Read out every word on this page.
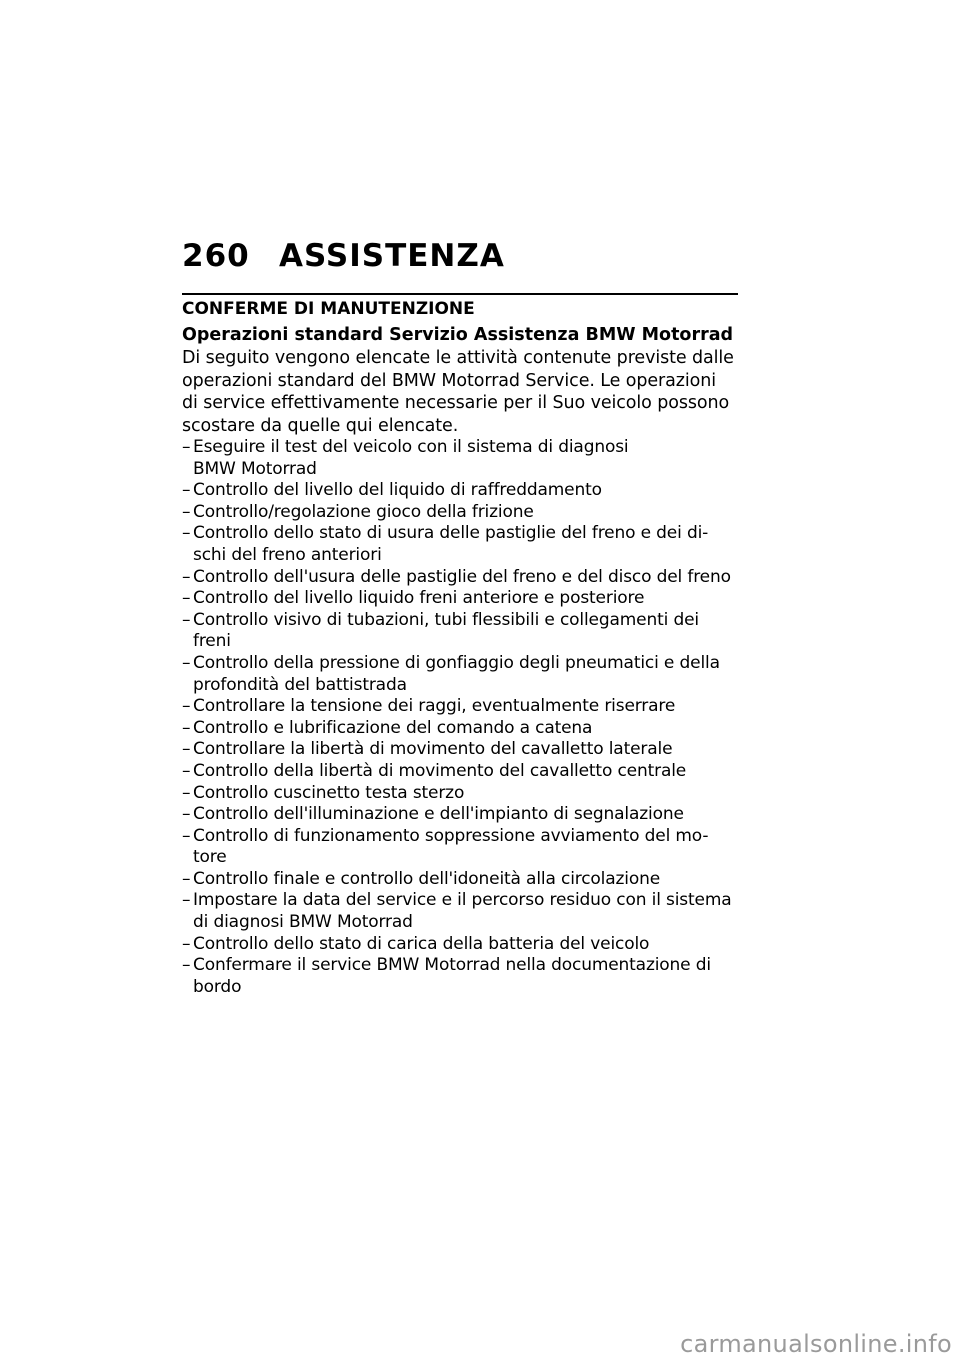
260 ASSISTENZA
CONFERME DI MANUTENZIONE
Operazioni standard Servizio Assistenza BMW Motorrad

Di seguito vengono elencate le attività contenute previste dalle
operazioni standard del BMW Motorrad Service. Le operazioni
di service effettivamente necessarie per il Suo veicolo possono
scostare da quelle qui elencate.

– Eseguire il test del veicolo con il sistema di diagnosi
BMW Motorrad
– Controllo del livello del liquido di raffreddamento
– Controllo/regolazione gioco della frizione
– Controllo dello stato di usura delle pastiglie del freno e dei di-
schi del freno anteriori
– Controllo dell'usura delle pastiglie del freno e del disco del freno
– Controllo del livello liquido freni anteriore e posteriore
– Controllo visivo di tubazioni, tubi flessibili e collegamenti dei
freni
– Controllo della pressione di gonfiaggio degli pneumatici e della
profondità del battistrada
– Controllare la tensione dei raggi, eventualmente riserrare
– Controllo e lubrificazione del comando a catena
– Controllare la libertà di movimento del cavalletto laterale
– Controllo della libertà di movimento del cavalletto centrale
– Controllo cuscinetto testa sterzo
– Controllo dell'illuminazione e dell'impianto di segnalazione
– Controllo di funzionamento soppressione avviamento del mo-
tore
– Controllo finale e controllo dell'idoneità alla circolazione
– Impostare la data del service e il percorso residuo con il sistema
di diagnosi BMW Motorrad
– Controllo dello stato di carica della batteria del veicolo
– Confermare il service BMW Motorrad nella documentazione di
bordo
carmanualsonline.info
